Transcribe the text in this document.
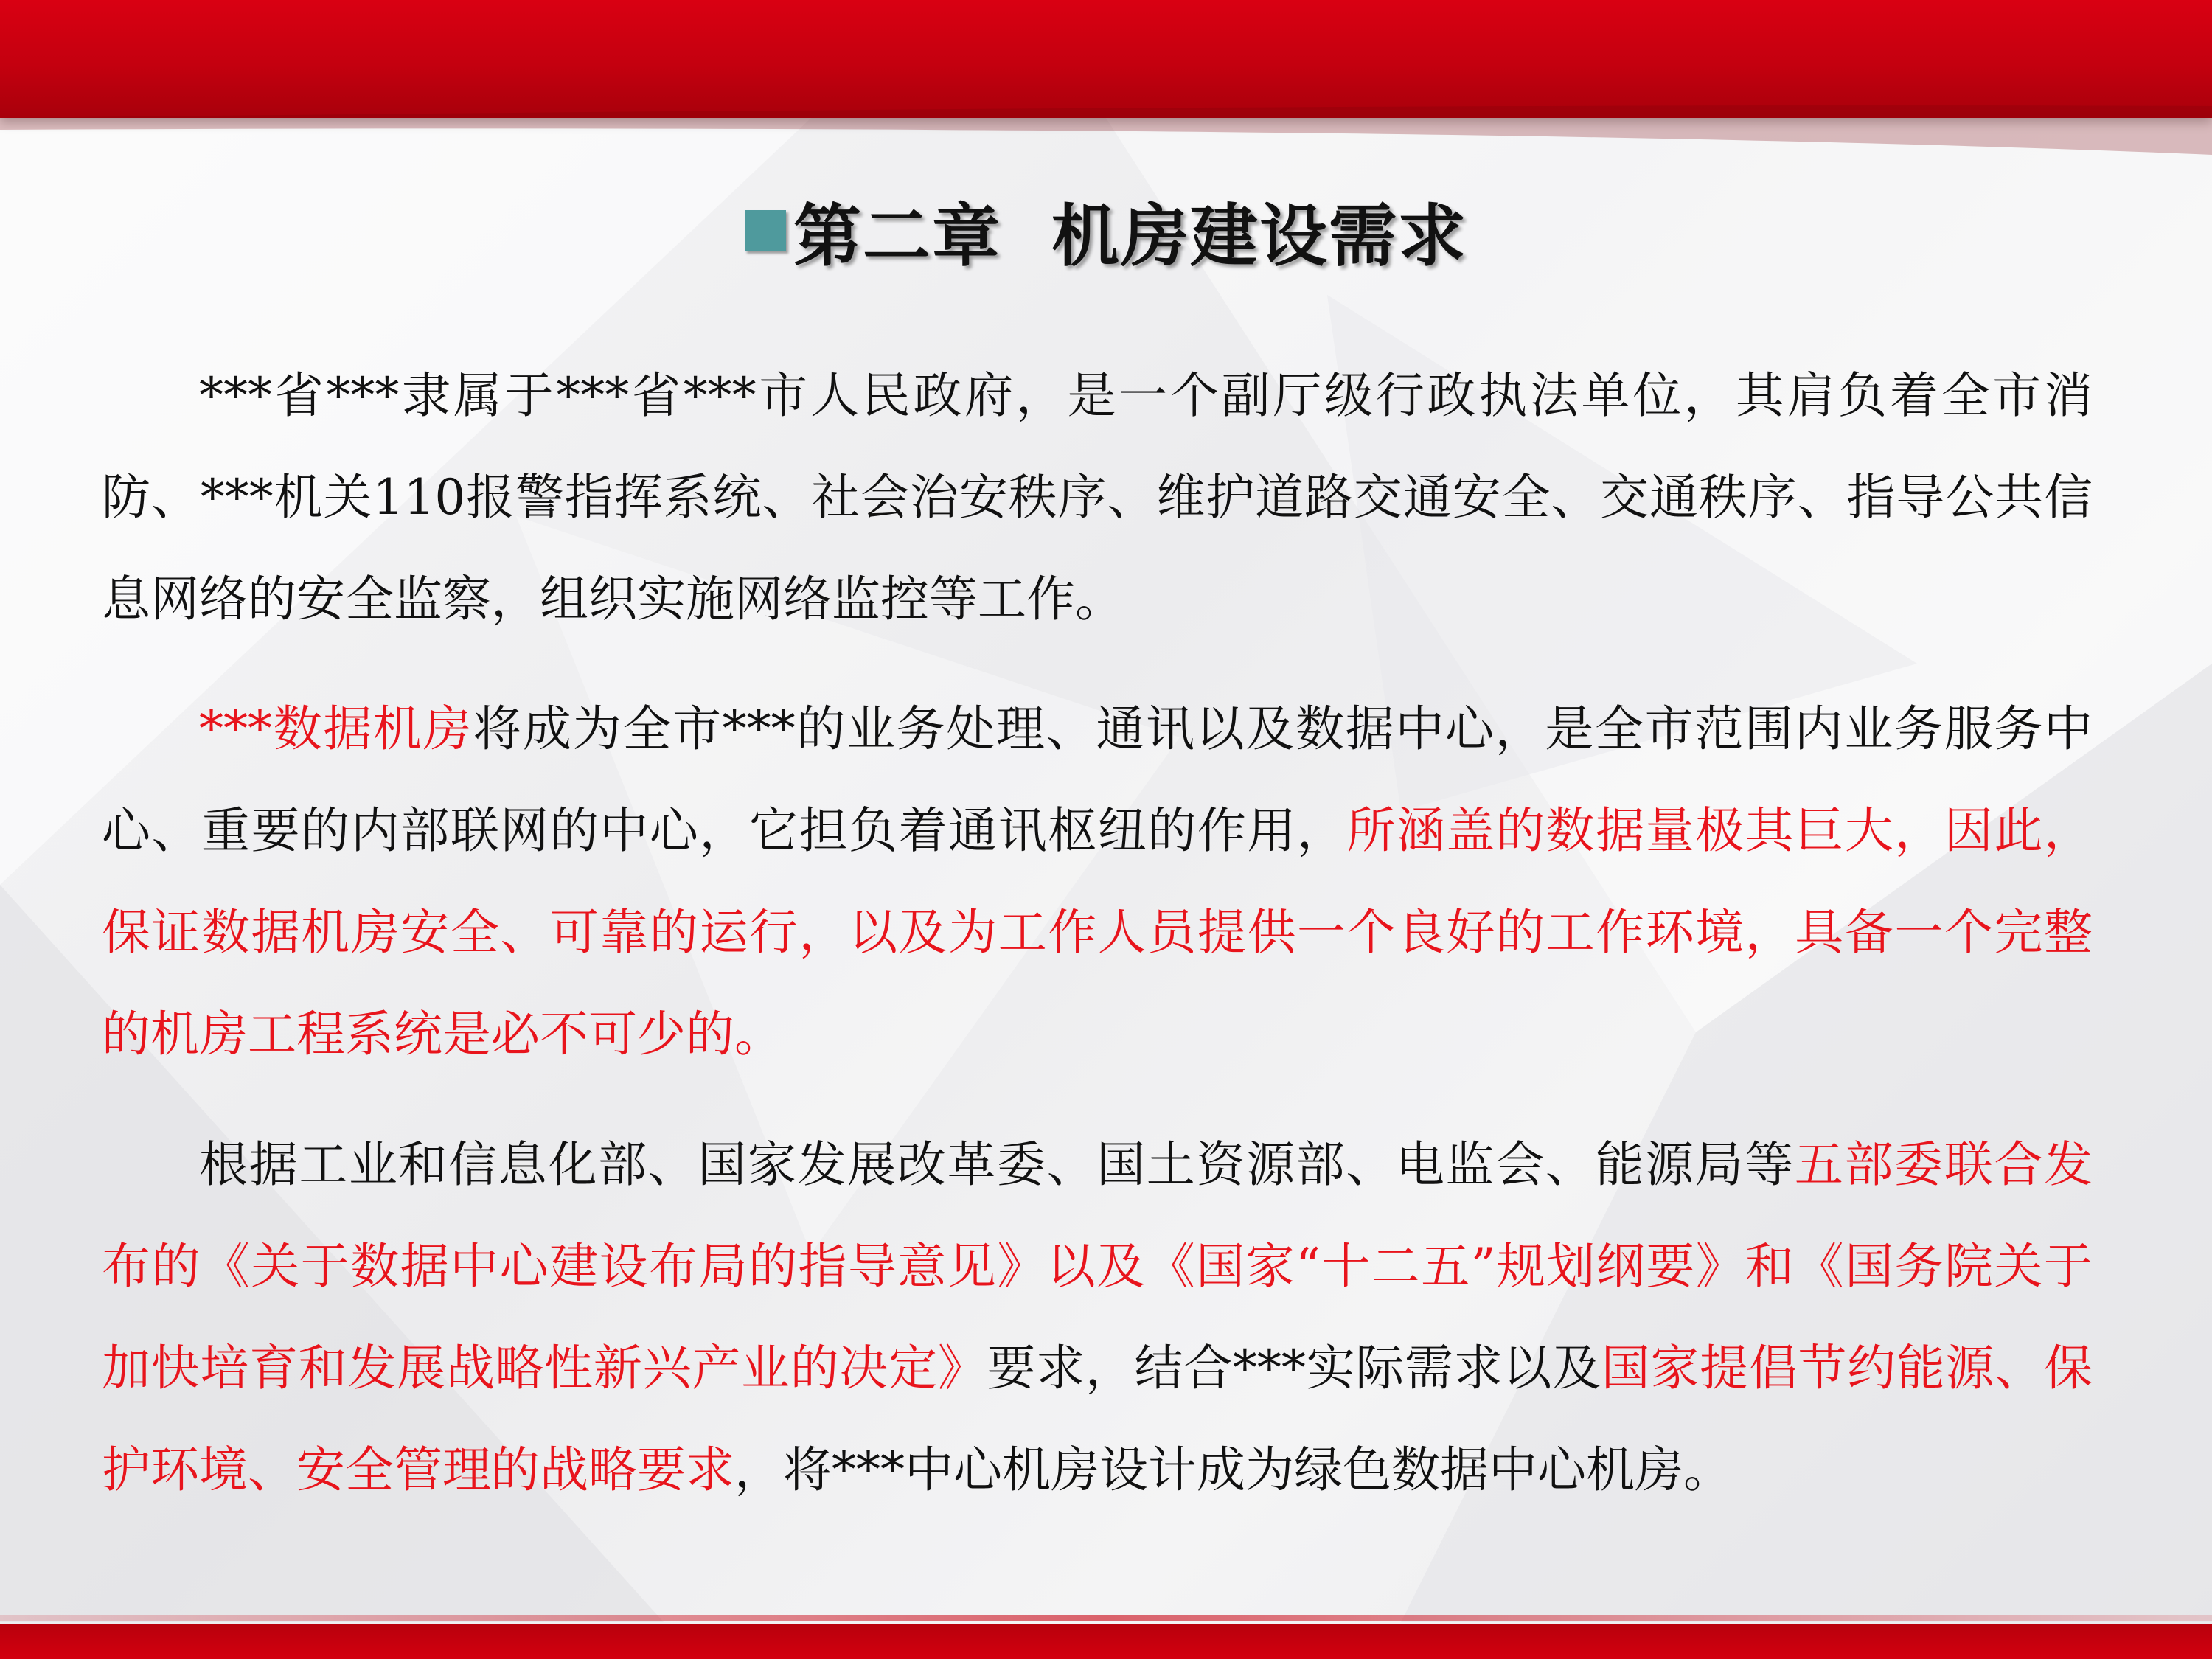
第二章  机房建设需求

***省***隶属于***省***市人民政府，是一个副厅级行政执法单位，其肩负着全市消防、***机关110报警指挥系统、社会治安秩序、维护道路交通安全、交通秩序、指导公共信息网络的安全监察，组织实施网络监控等工作。

***数据机房将成为全市***的业务处理、通讯以及数据中心，是全市范围内业务服务中心、重要的内部联网的中心，它担负着通讯枢纽的作用，所涵盖的数据量极其巨大，因此，保证数据机房安全、可靠的运行，以及为工作人员提供一个良好的工作环境，具备一个完整的机房工程系统是必不可少的。

根据工业和信息化部、国家发展改革委、国土资源部、电监会、能源局等五部委联合发布的《关于数据中心建设布局的指导意见》以及《国家“十二五”规划纲要》和《国务院关于加快培育和发展战略性新兴产业的决定》要求，结合***实际需求以及国家提倡节约能源、保护环境、安全管理的战略要求，将***中心机房设计成为绿色数据中心机房。
